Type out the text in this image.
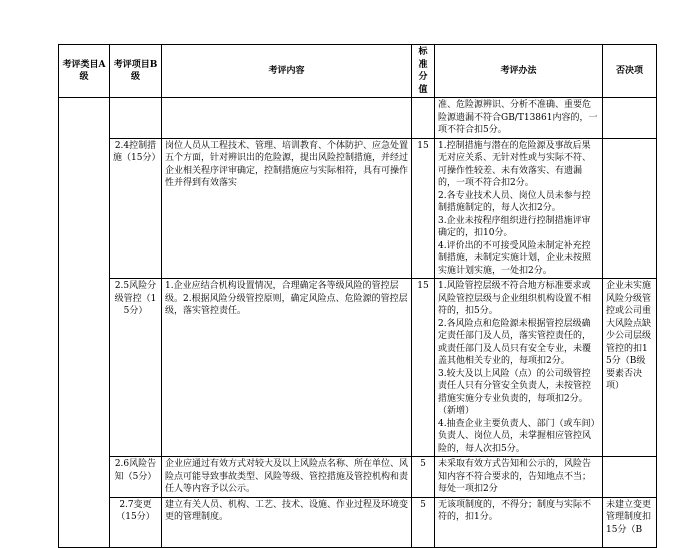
考评类目A级	考评项目B级	考评内容	标准分值	考评办法	否决项

				准、危险源辨识、分析不准确、重要危险源遗漏不符合GB/T13861内容的，一项不符合扣5分。	

	2.4控制措施（15分）	岗位人员从工程技术、管理、培训教育、个体防护、应急处置五个方面，针对辨识出的危险源，提出风险控制措施，并经过企业相关程序评审确定，控制措施应与实际相符，具有可操作性并得到有效落实	15	1.控制措施与潜在的危险源及事故后果无对应关系、无针对性或与实际不符、可操作性较差、未有效落实、有遗漏的，一项不符合扣2分。
2.各专业技术人员、岗位人员未参与控制措施制定的，每人次扣2分。
3.企业未按程序组织进行控制措施评审确定的，扣10分。
4.评价出的不可接受风险未制定补充控制措施，未制定实施计划，企业未按照实施计划实施，一处扣2分。	

	2.5风险分级管控（15分）	1.企业应结合机构设置情况，合理确定各等级风险的管控层级。2.根据风险分级管控原则，确定风险点、危险源的管控层级，落实管控责任。	15	1.风险管控层级不符合地方标准要求或风险管控层级与企业组织机构设置不相符的，扣5分。
2.各风险点和危险源未根据管控层级确定责任部门及人员，落实管控责任的，或责任部门及人员只有安全专业，未覆盖其他相关专业的，每项扣2分。
3.较大及以上风险（点）的公司级管控责任人只有分管安全负责人，未按管控措施实施分专业负责的，每项扣2分。（新增）
4.抽查企业主要负责人、部门（或车间）负责人、岗位人员，未掌握相应管控风险的，每人次扣5分。	企业未实施风险分级管控或公司重大风险点缺少公司层级管控的扣15分（B级要素否决项）
	2.6风险告知（5分）	企业应通过有效方式对较大及以上风险点名称、所在单位、风险点可能导致事故类型、风险等级、管控措施及管控机构和责任人等内容予以公示。	5	未采取有效方式告知和公示的，风险告知内容不符合要求的，告知地点不当；每处一项扣2分	

	2.7变更（15分）	建立有关人员、机构、工艺、技术、设施、作业过程及环境变更的管理制度。	5	无该项制度的，不得分；制度与实际不符的，扣1分。	未建立变更管理制度扣15分（B
